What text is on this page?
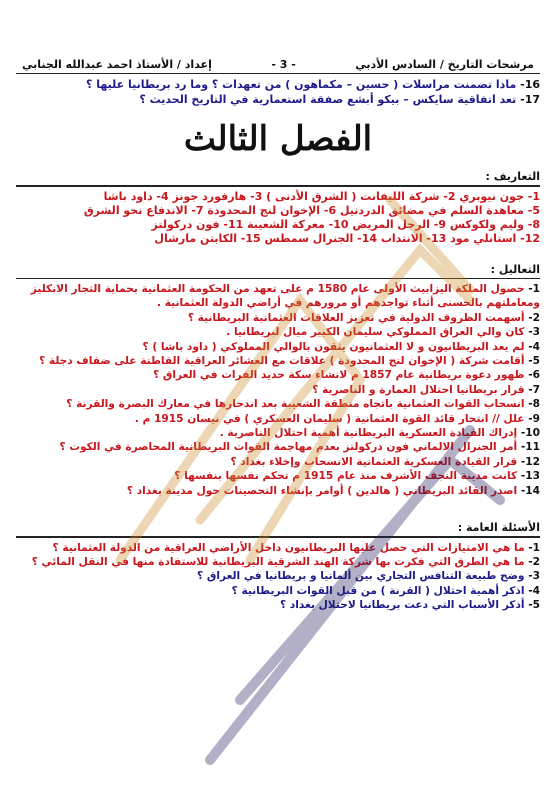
مرشحات التاريخ / السادس الأدبي
- 3 -
إعداد / الأستاذ احمد عبدالله الجنابي
16- ماذا تضمنت مراسلات ( حسين – مكماهون ) من تعهدات ؟ وما رد بريطانيا عليها ؟
17- تعد اتفاقية سايكس – بيكو أبشع صفقة استعمارية في التاريخ الحديث ؟
الفصل الثالث
التعاريف :
1- جون نيوبري 2- شركة الليفانت ( الشرق الأدنى ) 3- هارفورد جونز 4- داود باشا
5- معاهدة السلم في مضائق الدردنيل 6- الإخوان لنج المحدودة 7- الاندفاع نحو الشرق
8- وليم ولكوكس 9- الرجل المريض 10- معركة الشعيبة 11- فون دركولتز
12- استانلي مود 13- الانتداب 14- الجنرال سمطس 15- الكابتن مارشال
التعاليل :
1- حصول الملكة اليزابيث الأولى عام 1580 م على تعهد من الحكومة العثمانية بحماية التجار الانكليز ومعاملتهم بالحسنى أثناء تواجدهم أو مرورهم في أراضي الدولة العثمانية .
2- أسهمت الظروف الدولية في تعزيز العلاقات العثمانية البريطانية ؟
3- كان والي العراق المملوكي سليمان الكبير ميال لبريطانيا .
4- لم يعد البريطانيون و لا العثمانيون يثقون بالوالي المملوكي ( داود باشا ) ؟
5- أقامت شركة ( الإخوان لنج المحدودة ) علاقات مع العشائر العراقية القاطنة على ضفاف دجلة ؟
6- ظهور دعوة بريطانية عام 1857 م لانشاء سكة حديد الفرات في العراق ؟
7- قرار بريطانيا احتلال العمارة و الناصرية ؟
8- انسحاب القوات العثمانية باتجاه منطقة الشعيبة بعد اندحارها في معارك البصرة والقرنة ؟
9- علل // انتحار قائد القوة العثمانية ( سليمان العسكري ) في نيسان 1915 م .
10- إدراك القيادة العسكرية البريطانية أهمية احتلال الناصرية .
11- أمر الجنرال الالماني فون دركولتز بعدم مهاجمة القوات البريطانية المحاصرة في الكوت ؟
12- قرار القيادة العسكرية العثمانية الانسحاب وإخلاء بغداد ؟
13- كانت مدينة النجف الأشرف منذ عام 1915 م تحكم نفسها بنفسها ؟
14- اصدر القائد البريطاني ( هالدين ) أوامر بإنشاء التحصينات حول مدينة بغداد ؟
الأسئلة العامة :
1- ما هي الامتيازات التي حصل عليها البريطانيون داخل الأراضي العراقية من الدولة العثمانية ؟
2- ما هي الطرق التي فكرت بها شركة الهند الشرقية البريطانية للاستفادة منها في النقل المائي ؟
3- وضح طبيعة التنافس التجاري بين ألمانيا و بريطانيا في العراق ؟
4- اذكر أهمية احتلال ( القرنة ) من قبل القوات البريطانية ؟
5- أذكر الأسباب التي دعت بريطانيا لاحتلال بغداد ؟
